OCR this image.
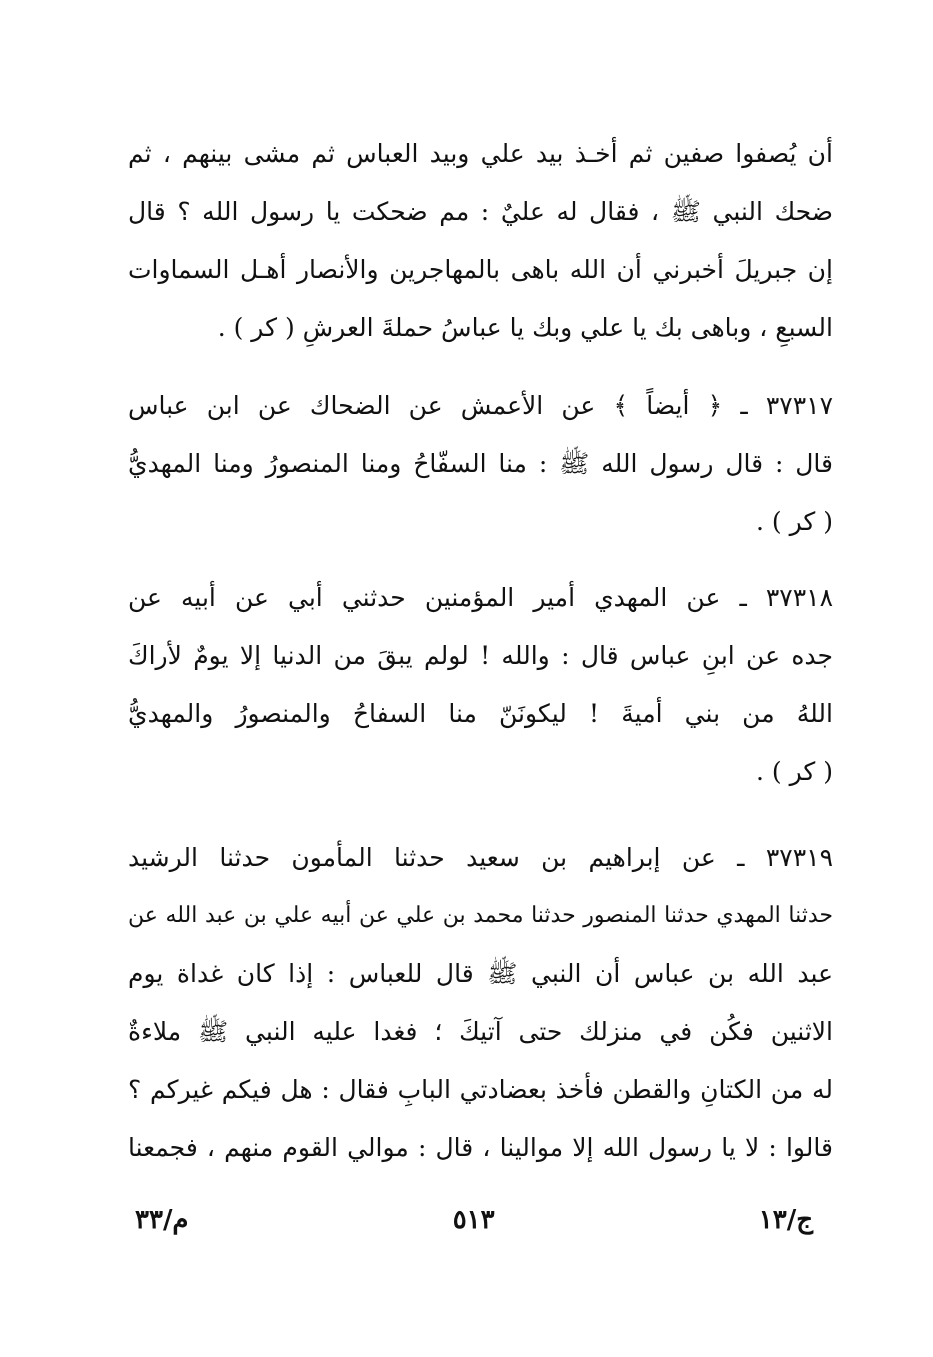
أن يُصفوا صفين ثم أخـذ بيد علي وبيد العباس ثم مشى بينهم ، ثم
ضحك النبي ﷺ ، فقال له عليٌ : مم ضحكت يا رسول الله ؟ قال
إن جبريلَ أخبرني أن الله باهى بالمهاجرين والأنصار أهـل السماوات
السبعِ ، وباهى بك يا علي وبك يا عباسُ حملةَ العرشِ ( كر ) .
٣٧٣١٧ ـ ﴿ أيضاً ﴾ عن الأعمش عن الضحاك عن ابن عباس
قال : قال رسول الله ﷺ : منا السفّاحُ ومنا المنصورُ ومنا المهديُّ
( كر ) .
٣٧٣١٨ ـ عن المهدي أمير المؤمنين حدثني أبي عن أبيه عن
جده عن ابنِ عباس قال : والله ! لولم يبقَ من الدنيا إلا يومٌ لأراكَ
اللهُ من بني أميةَ ! ليكونَنّ منا السفاحُ والمنصورُ والمهديُّ
( كر ) .
٣٧٣١٩ ـ عن إبراهيم بن سعيد حدثنا المأمون حدثنا الرشيد
حدثنا المهدي حدثنا المنصور حدثنا محمد بن علي عن أبيه علي بن عبد الله عن
عبد الله بن عباس أن النبي ﷺ قال للعباس : إذا كان غداة يوم
الاثنين فكُن في منزلك حتى آتيكَ ؛ فغدا عليه النبي ﷺ ملاءةٌ
له من الكتانِ والقطن فأخذ بعضادتي البابِ فقال : هل فيكم غيركم ؟
قالوا : لا يا رسول الله إلا موالينا ، قال : موالي القوم منهم ، فجمعنا
ج/١٣
٥١٣
م/٣٣
